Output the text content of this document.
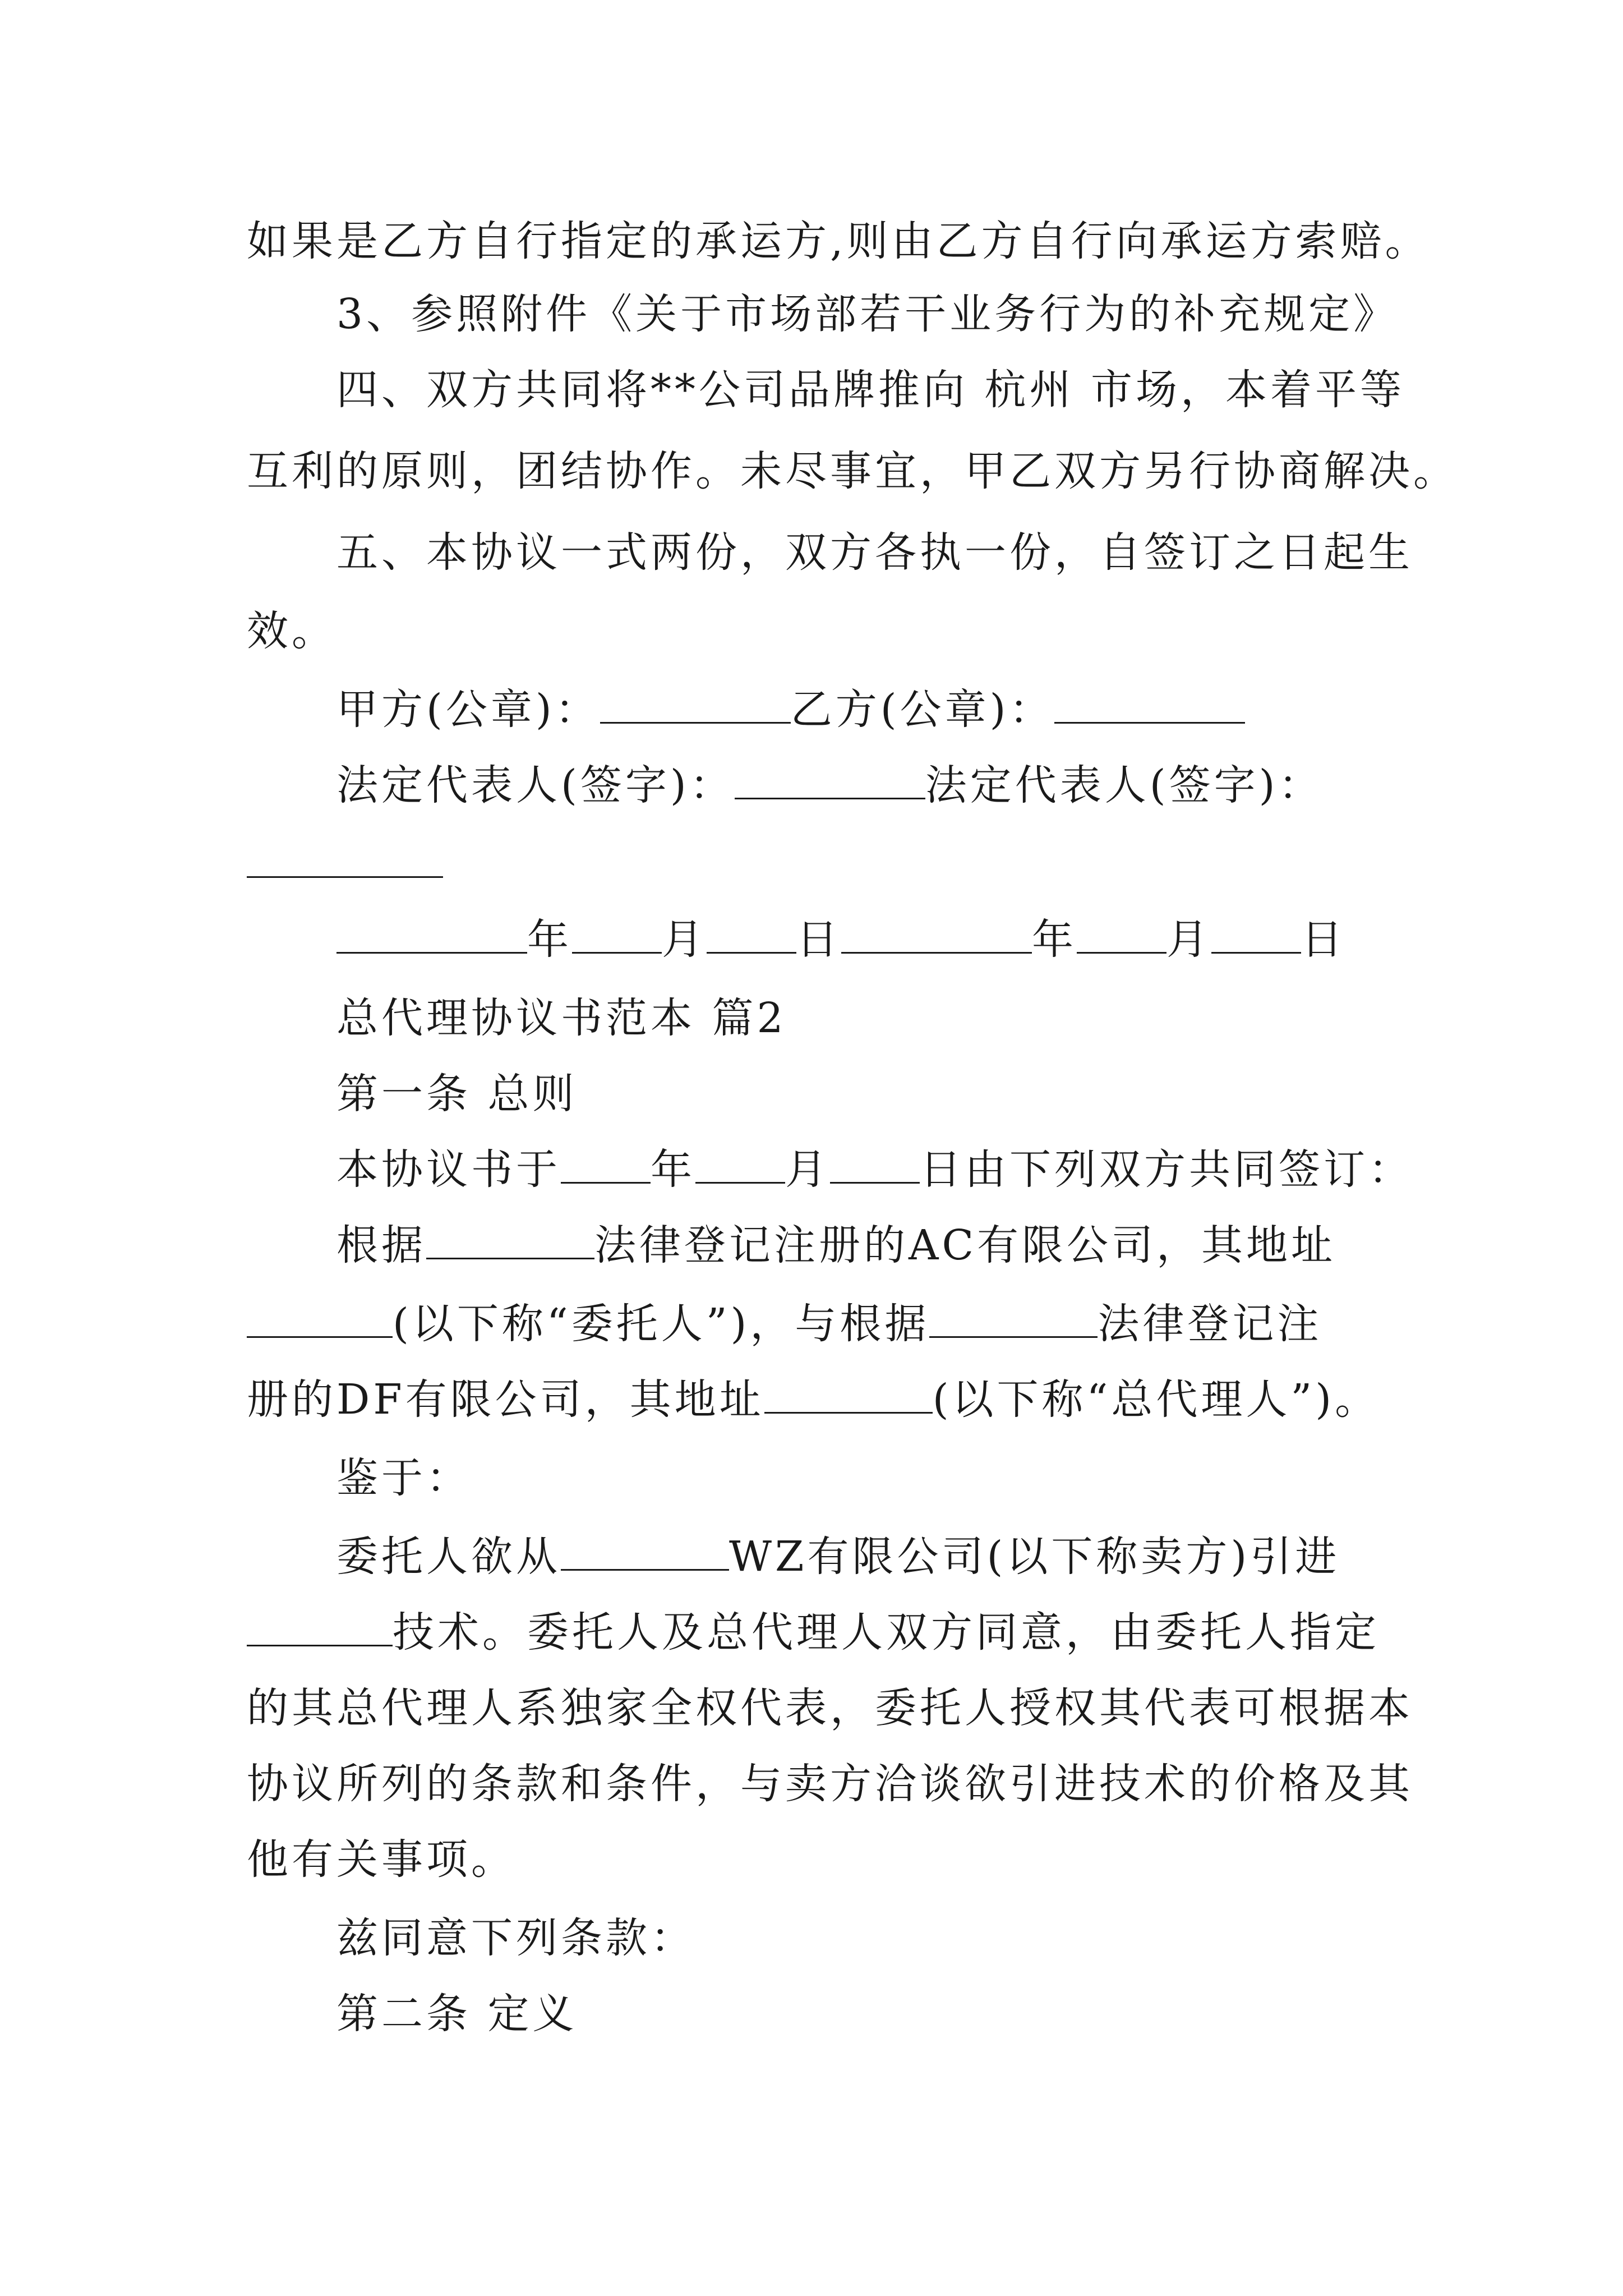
如果是乙方自行指定的承运方,则由乙方自行向承运方索赔。
3、参照附件《关于市场部若干业务行为的补充规定》
四、双方共同将**公司品牌推向 杭州 市场，本着平等
互利的原则，团结协作。未尽事宜，甲乙双方另行协商解决。
五、本协议一式两份，双方各执一份，自签订之日起生
效。
甲方(公章)：	乙方(公章)：
法定代表人(签字)：	法定代表人(签字)：
年 月 日	年 月 日
总代理协议书范本 篇2
第一条 总则
本协议书于 年 月 日由下列双方共同签订：
根据	法律登记注册的AC有限公司，其地址
(以下称“委托人”)，与根据	法律登记注
册的DF有限公司，其地址	(以下称“总代理人”)。
鉴于：
委托人欲从	WZ有限公司(以下称卖方)引进
技术。委托人及总代理人双方同意，由委托人指定
的其总代理人系独家全权代表，委托人授权其代表可根据本
协议所列的条款和条件，与卖方洽谈欲引进技术的价格及其
他有关事项。
兹同意下列条款：
第二条 定义
